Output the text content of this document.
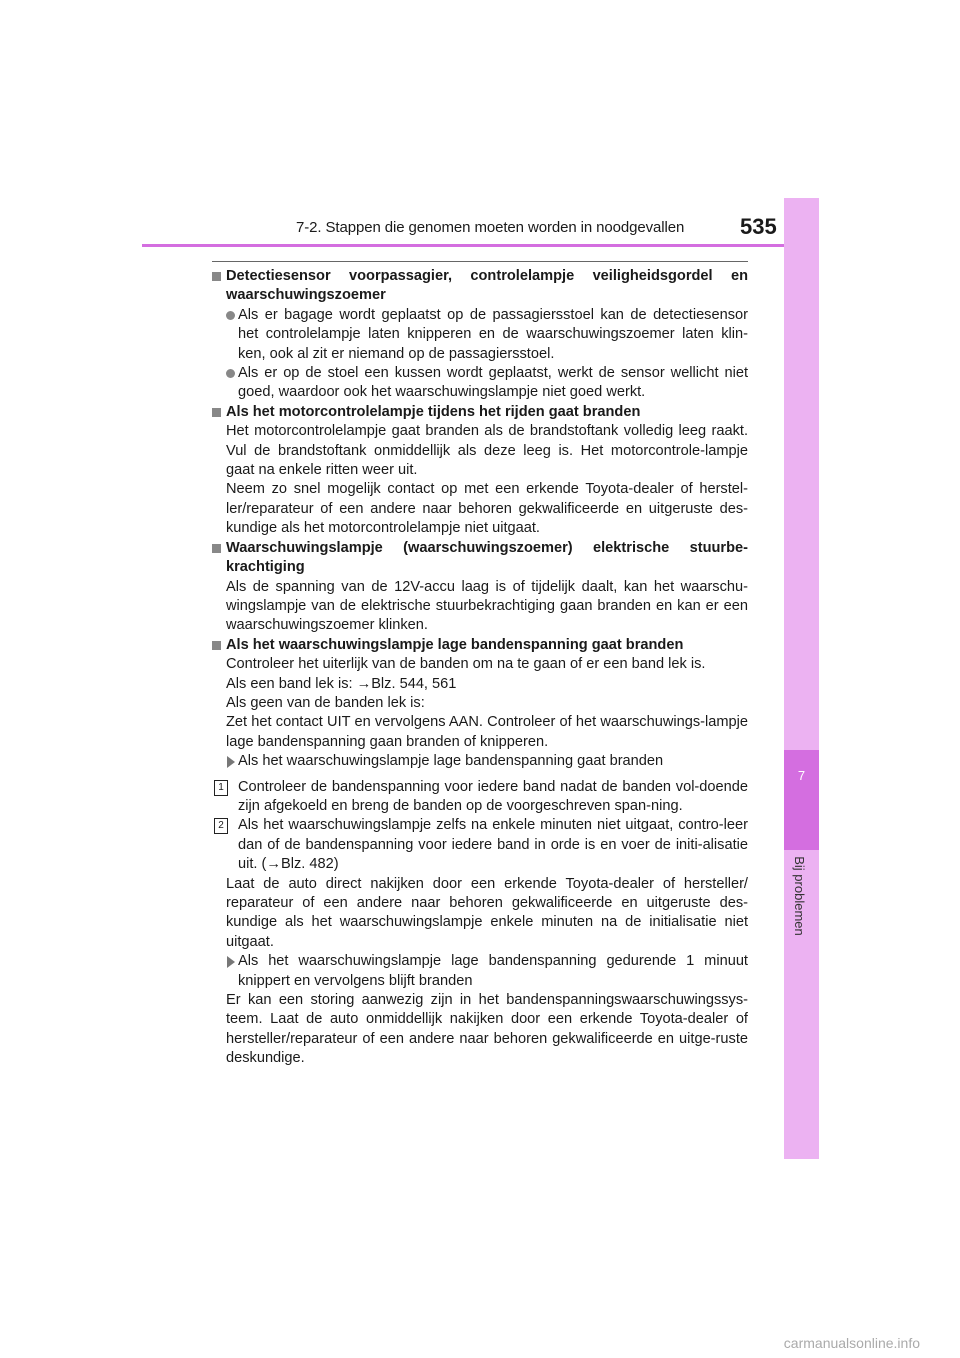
7-2. Stappen die genomen moeten worden in noodgevallen	535
7
Bij problemen

Detectiesensor voorpassagier, controlelampje veiligheidsgordel en waarschuwingszoemer

Als er bagage wordt geplaatst op de passagiersstoel kan de detectiesensor het controlelampje laten knipperen en de waarschuwingszoemer laten klin-ken, ook al zit er niemand op de passagiersstoel.

Als er op de stoel een kussen wordt geplaatst, werkt de sensor wellicht niet goed, waardoor ook het waarschuwingslampje niet goed werkt.

Als het motorcontrolelampje tijdens het rijden gaat branden

Het motorcontrolelampje gaat branden als de brandstoftank volledig leeg raakt. Vul de brandstoftank onmiddellijk als deze leeg is. Het motorcontrole-lampje gaat na enkele ritten weer uit.

Neem zo snel mogelijk contact op met een erkende Toyota-dealer of herstel-ler/reparateur of een andere naar behoren gekwalificeerde en uitgeruste des-kundige als het motorcontrolelampje niet uitgaat.

Waarschuwingslampje (waarschuwingszoemer) elektrische stuurbe-krachtiging

Als de spanning van de 12V-accu laag is of tijdelijk daalt, kan het waarschu-wingslampje van de elektrische stuurbekrachtiging gaan branden en kan er een waarschuwingszoemer klinken.

Als het waarschuwingslampje lage bandenspanning gaat branden

Controleer het uiterlijk van de banden om na te gaan of er een band lek is.

Als een band lek is: →Blz. 544, 561

Als geen van de banden lek is:
Zet het contact UIT en vervolgens AAN. Controleer of het waarschuwings-lampje lage bandenspanning gaan branden of knipperen.

Als het waarschuwingslampje lage bandenspanning gaat branden

1 Controleer de bandenspanning voor iedere band nadat de banden vol-doende zijn afgekoeld en breng de banden op de voorgeschreven span-ning.

2 Als het waarschuwingslampje zelfs na enkele minuten niet uitgaat, contro-leer dan of de bandenspanning voor iedere band in orde is en voer de initi-alisatie uit. (→Blz. 482)

Laat de auto direct nakijken door een erkende Toyota-dealer of hersteller/ reparateur of een andere naar behoren gekwalificeerde en uitgeruste des-kundige als het waarschuwingslampje enkele minuten na de initialisatie niet uitgaat.

Als het waarschuwingslampje lage bandenspanning gedurende 1 minuut knippert en vervolgens blijft branden

Er kan een storing aanwezig zijn in het bandenspanningswaarschuwingssys-teem. Laat de auto onmiddellijk nakijken door een erkende Toyota-dealer of hersteller/reparateur of een andere naar behoren gekwalificeerde en uitge-ruste deskundige.

carmanualsonline.info
